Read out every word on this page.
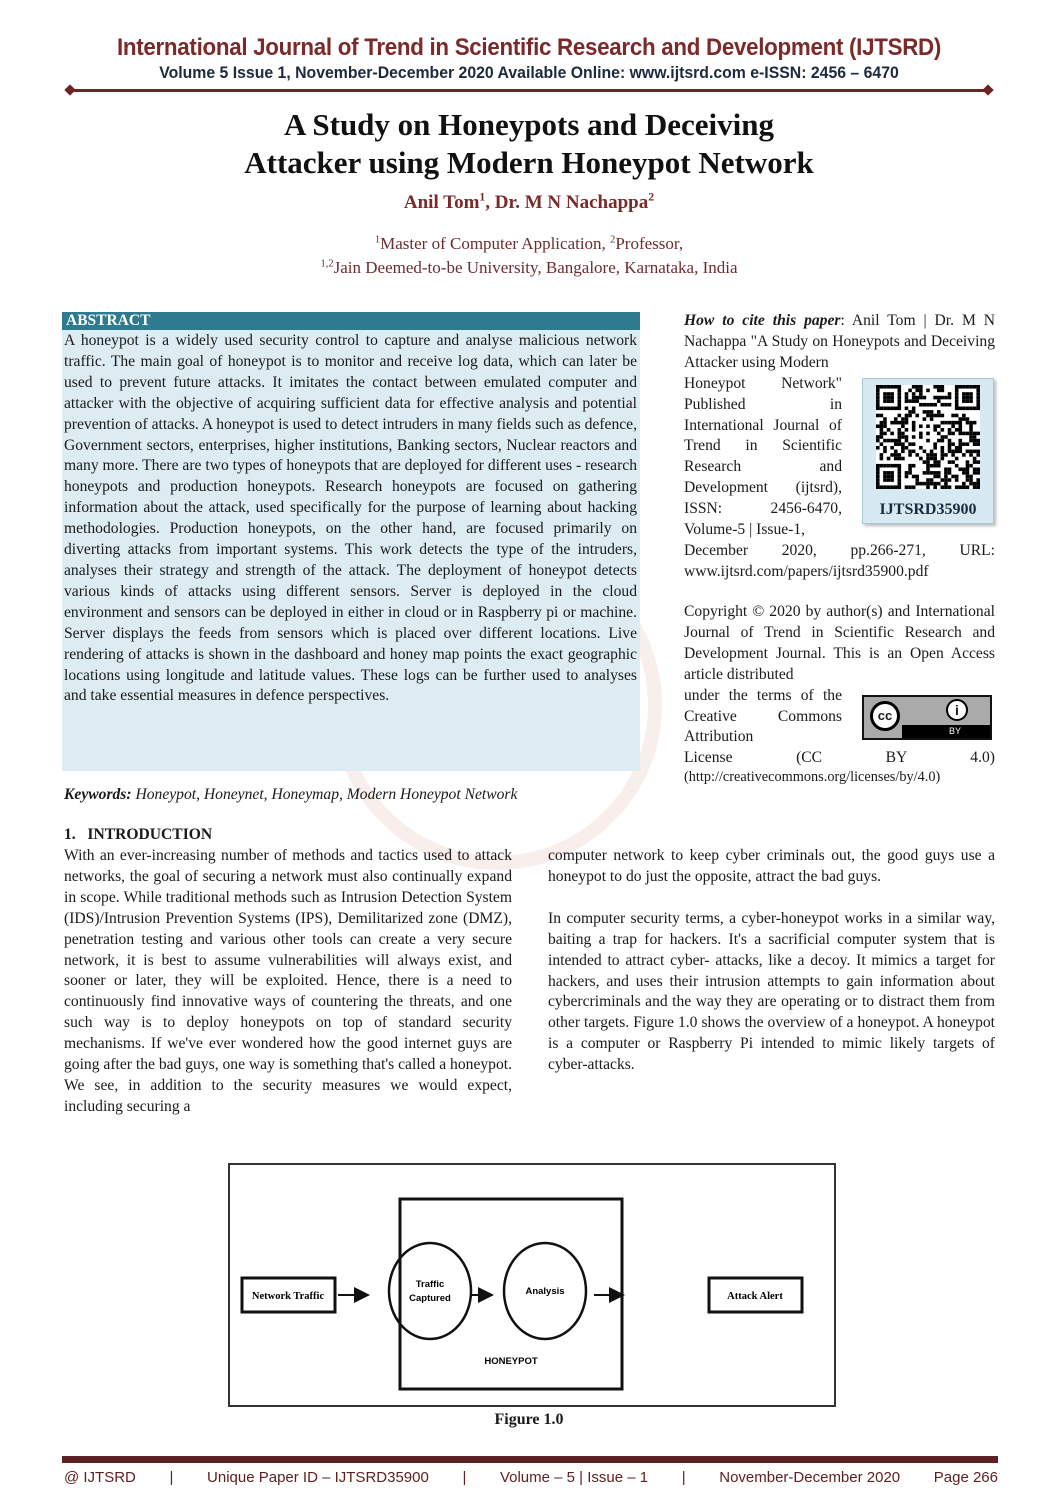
International Journal of Trend in Scientific Research and Development (IJTSRD)
Volume 5 Issue 1, November-December 2020 Available Online: www.ijtsrd.com e-ISSN: 2456 – 6470
A Study on Honeypots and Deceiving
Attacker using Modern Honeypot Network
Anil Tom$^1$, Dr. M N Nachappa$^2$
$^1$Master of Computer Application, $^2$Professor,
$^{1,2}$Jain Deemed-to-be University, Bangalore, Karnataka, India
ABSTRACT
A honeypot is a widely used security control to capture and analyse malicious network traffic. The main goal of honeypot is to monitor and receive log data, which can later be used to prevent future attacks. It imitates the contact between emulated computer and attacker with the objective of acquiring sufficient data for effective analysis and potential prevention of attacks. A honeypot is used to detect intruders in many fields such as defence, Government sectors, enterprises, higher institutions, Banking sectors, Nuclear reactors and many more. There are two types of honeypots that are deployed for different uses - research honeypots and production honeypots. Research honeypots are focused on gathering information about the attack, used specifically for the purpose of learning about hacking methodologies. Production honeypots, on the other hand, are focused primarily on diverting attacks from important systems. This work detects the type of the intruders, analyses their strategy and strength of the attack. The deployment of honeypot detects various kinds of attacks using different sensors. Server is deployed in the cloud environment and sensors can be deployed in either in cloud or in Raspberry pi or machine. Server displays the feeds from sensors which is placed over different locations. Live rendering of attacks is shown in the dashboard and honey map points the exact geographic locations using longitude and latitude values. These logs can be further used to analyses and take essential measures in defence perspectives.
How to cite this paper: Anil Tom | Dr. M N Nachappa "A Study on Honeypots and Deceiving Attacker using Modern
Honeypot Network" Published in International Journal of Trend in Scientific Research and Development (ijtsrd), ISSN: 2456-6470, Volume-5 | Issue-1,
December 2020, pp.266-271, URL: www.ijtsrd.com/papers/ijtsrd35900.pdf
IJTSRD35900
Copyright © 2020 by author(s) and International Journal of Trend in Scientific Research and Development Journal. This is an Open Access article distributed
under the terms of the Creative Commons Attribution
License (CC BY 4.0)
(http://creativecommons.org/licenses/by/4.0)
cc	i
BY
Keywords: Honeypot, Honeynet, Honeymap, Modern Honeypot Network
1.   INTRODUCTION
With an ever-increasing number of methods and tactics used to attack networks, the goal of securing a network must also continually expand in scope. While traditional methods such as Intrusion Detection System (IDS)/Intrusion Prevention Systems (IPS), Demilitarized zone (DMZ), penetration testing and various other tools can create a very secure network, it is best to assume vulnerabilities will always exist, and sooner or later, they will be exploited. Hence, there is a need to continuously find innovative ways of countering the threats, and one such way is to deploy honeypots on top of standard security mechanisms. If we've ever wondered how the good internet guys are going after the bad guys, one way is something that's called a honeypot. We see, in addition to the security measures we would expect, including securing a
computer network to keep cyber criminals out, the good guys use a honeypot to do just the opposite, attract the bad guys.
In computer security terms, a cyber-honeypot works in a similar way, baiting a trap for hackers. It's a sacrificial computer system that is intended to attract cyber- attacks, like a decoy. It mimics a target for hackers, and uses their intrusion attempts to gain information about cybercriminals and the way they are operating or to distract them from other targets. Figure 1.0 shows the overview of a honeypot. A honeypot is a computer or Raspberry Pi intended to mimic likely targets of cyber-attacks.
Network Traffic	Attack Alert
Traffic
Captured
Analysis
HONEYPOT
Figure 1.0
@ IJTSRD | Unique Paper ID – IJTSRD35900 | Volume – 5 | Issue – 1 | November-December 2020 Page 266
